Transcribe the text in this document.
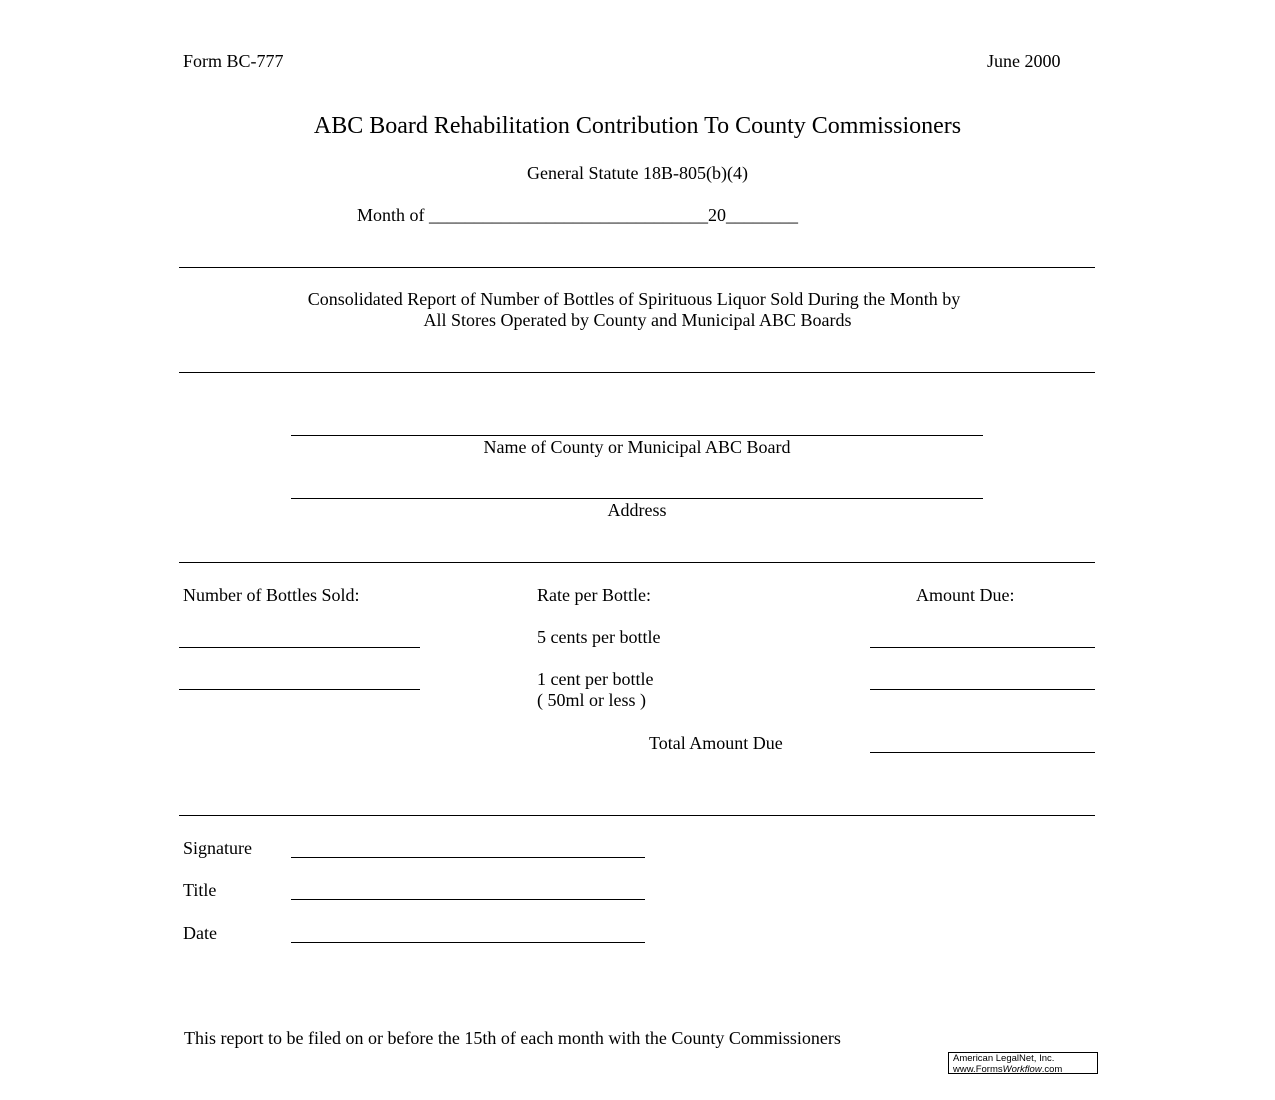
Form BC-777	June 2000
ABC Board Rehabilitation Contribution To County Commissioners
General Statute 18B-805(b)(4)
Month of _______________________________20________
Consolidated Report of Number of Bottles of Spirituous Liquor Sold During the Month by
All Stores Operated by County and Municipal ABC Boards
Name of County or Municipal ABC Board
Address
Number of Bottles Sold:	Rate per Bottle:	Amount Due:
5 cents per bottle
1 cent per bottle
( 50ml or less )
Total Amount Due
Signature
Title
Date
This report to be filed on or before the 15th of each month with the County Commissioners
American LegalNet, Inc.
www.FormsWorkflow.com
